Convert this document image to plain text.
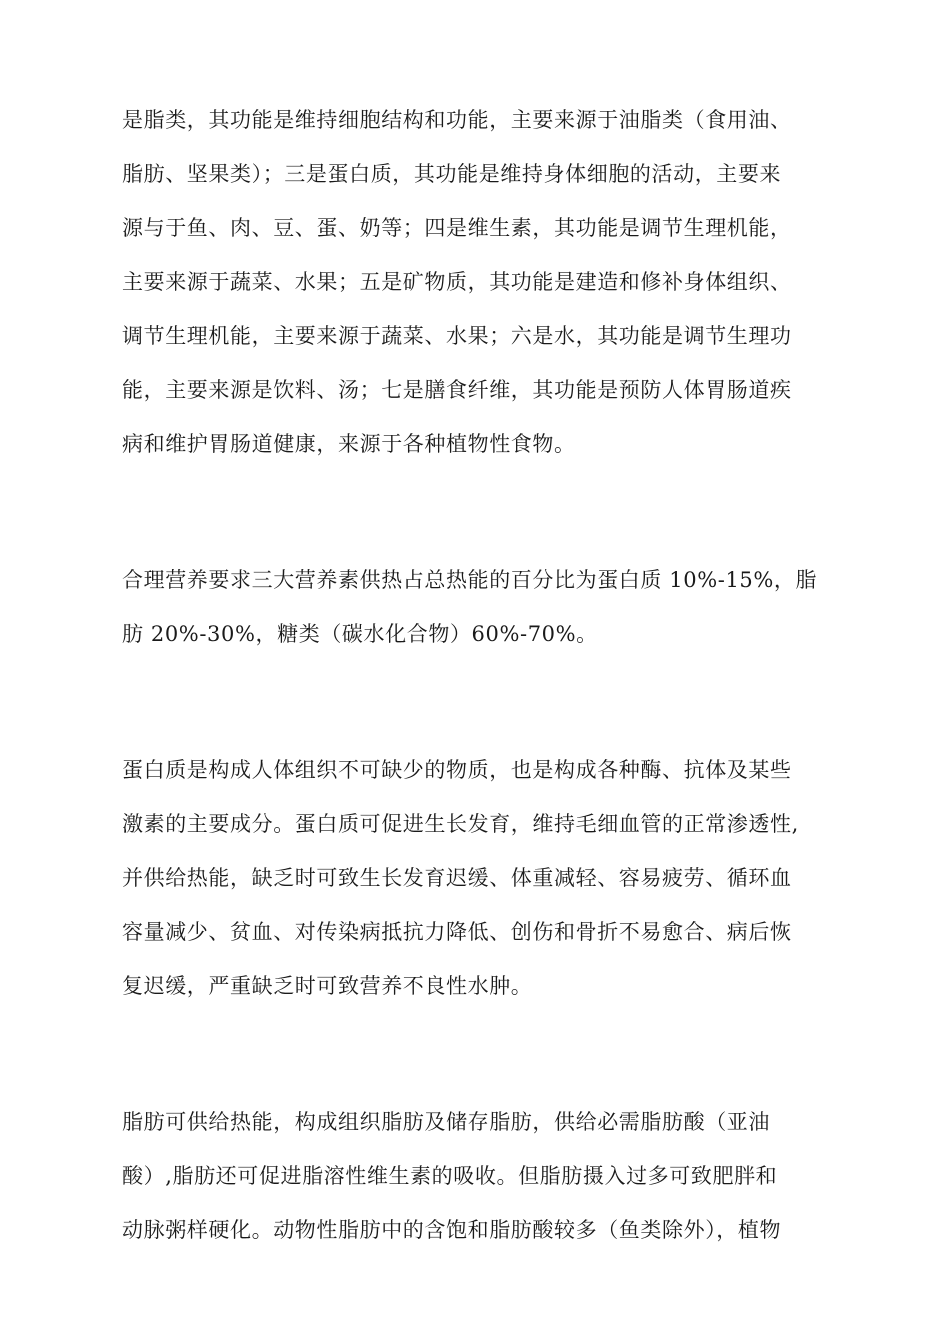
是脂类，其功能是维持细胞结构和功能，主要来源于油脂类（食用油、
脂肪、坚果类）；三是蛋白质，其功能是维持身体细胞的活动，主要来
源与于鱼、肉、豆、蛋、奶等；四是维生素，其功能是调节生理机能，
主要来源于蔬菜、水果；五是矿物质，其功能是建造和修补身体组织、
调节生理机能，主要来源于蔬菜、水果；六是水，其功能是调节生理功
能，主要来源是饮料、汤；七是膳食纤维，其功能是预防人体胃肠道疾
病和维护胃肠道健康，来源于各种植物性食物。
合理营养要求三大营养素供热占总热能的百分比为蛋白质 10%-15%，脂
肪 20%-30%，糖类（碳水化合物）60%-70%。
蛋白质是构成人体组织不可缺少的物质，也是构成各种酶、抗体及某些
激素的主要成分。蛋白质可促进生长发育，维持毛细血管的正常渗透性,
并供给热能，缺乏时可致生长发育迟缓、体重减轻、容易疲劳、循环血
容量减少、贫血、对传染病抵抗力降低、创伤和骨折不易愈合、病后恢
复迟缓，严重缺乏时可致营养不良性水肿。
脂肪可供给热能，构成组织脂肪及储存脂肪，供给必需脂肪酸（亚油
酸）,脂肪还可促进脂溶性维生素的吸收。但脂肪摄入过多可致肥胖和
动脉粥样硬化。动物性脂肪中的含饱和脂肪酸较多（鱼类除外），植物
